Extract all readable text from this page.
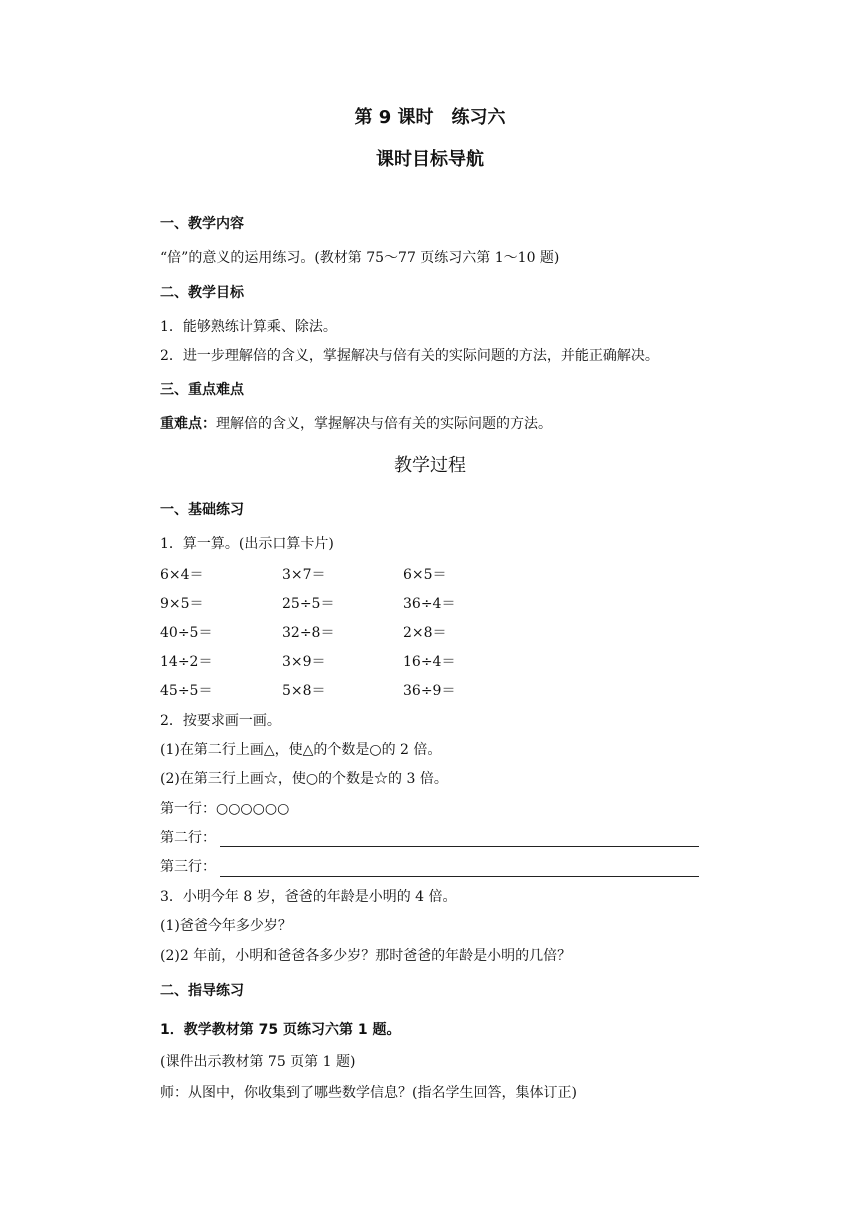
第 9 课时　练习六
课时目标导航
一、教学内容
“倍”的意义的运用练习。(教材第 75～77 页练习六第 1～10 题)
二、教学目标
1．能够熟练计算乘、除法。
2．进一步理解倍的含义，掌握解决与倍有关的实际问题的方法，并能正确解决。
三、重点难点
重难点：理解倍的含义，掌握解决与倍有关的实际问题的方法。
教学过程
一、基础练习
1．算一算。(出示口算卡片)
6×4＝	3×7＝	6×5＝
9×5＝	25÷5＝	36÷4＝
40÷5＝	32÷8＝	2×8＝
14÷2＝	3×9＝	16÷4＝
45÷5＝	5×8＝	36÷9＝
2．按要求画一画。
(1)在第二行上画△，使△的个数是○的 2 倍。
(2)在第三行上画☆，使○的个数是☆的 3 倍。
第一行：○○○○○○
第二行：
第三行：
3．小明今年 8 岁，爸爸的年龄是小明的 4 倍。
(1)爸爸今年多少岁？
(2)2 年前，小明和爸爸各多少岁？那时爸爸的年龄是小明的几倍？
二、指导练习
1．教学教材第 75 页练习六第 1 题。
(课件出示教材第 75 页第 1 题)
师：从图中，你收集到了哪些数学信息？(指名学生回答，集体订正)
